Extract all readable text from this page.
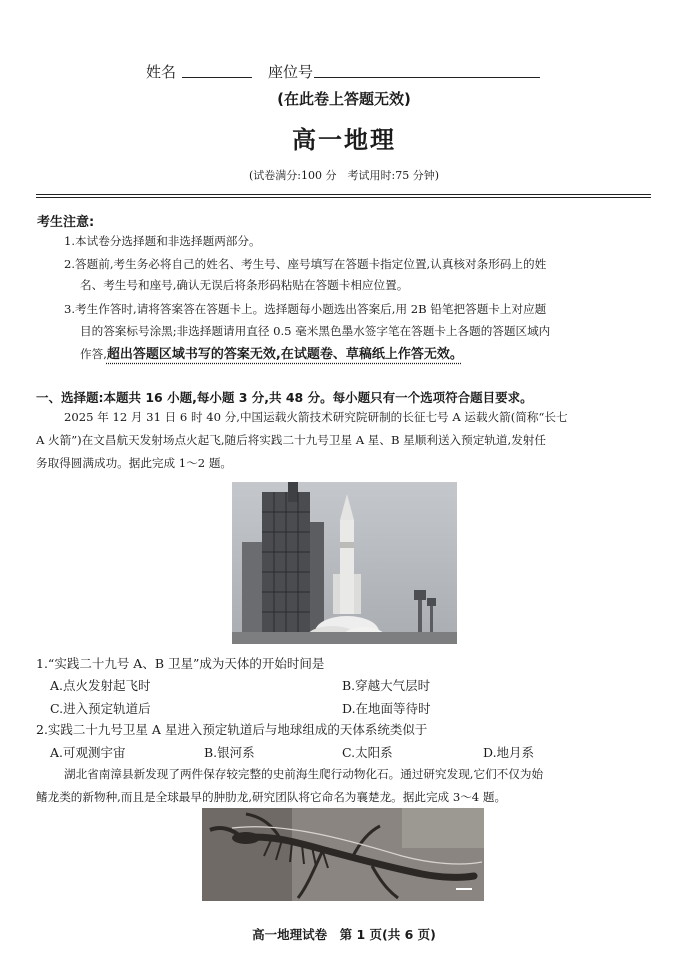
姓名	座位号
(在此卷上答题无效)
高一地理
(试卷满分:100 分　考试用时:75 分钟)
考生注意:
1.本试卷分选择题和非选择题两部分。
2.答题前,考生务必将自己的姓名、考生号、座号填写在答题卡指定位置,认真核对条形码上的姓
名、考生号和座号,确认无误后将条形码粘贴在答题卡相应位置。
3.考生作答时,请将答案答在答题卡上。选择题每小题选出答案后,用 2B 铅笔把答题卡上对应题
目的答案标号涂黑;非选择题请用直径 0.5 毫米黑色墨水签字笔在答题卡上各题的答题区域内
作答,超出答题区域书写的答案无效,在试题卷、草稿纸上作答无效。
一、选择题:本题共 16 小题,每小题 3 分,共 48 分。每小题只有一个选项符合题目要求。
2025 年 12 月 31 日 6 时 40 分,中国运载火箭技术研究院研制的长征七号 A 运载火箭(简称“长七
A 火箭”)在文昌航天发射场点火起飞,随后将实践二十九号卫星 A 星、B 星顺利送入预定轨道,发射任
务取得圆满成功。据此完成 1～2 题。
1.“实践二十九号 A、B 卫星”成为天体的开始时间是
A.点火发射起飞时	B.穿越大气层时
C.进入预定轨道后	D.在地面等待时
2.实践二十九号卫星 A 星进入预定轨道后与地球组成的天体系统类似于
A.可观测宇宙	B.银河系	C.太阳系	D.地月系
湖北省南漳县新发现了两件保存较完整的史前海生爬行动物化石。通过研究发现,它们不仅为始
鳍龙类的新物种,而且是全球最早的肿肋龙,研究团队将它命名为襄楚龙。据此完成 3～4 题。
高一地理试卷　第 1 页(共 6 页)
